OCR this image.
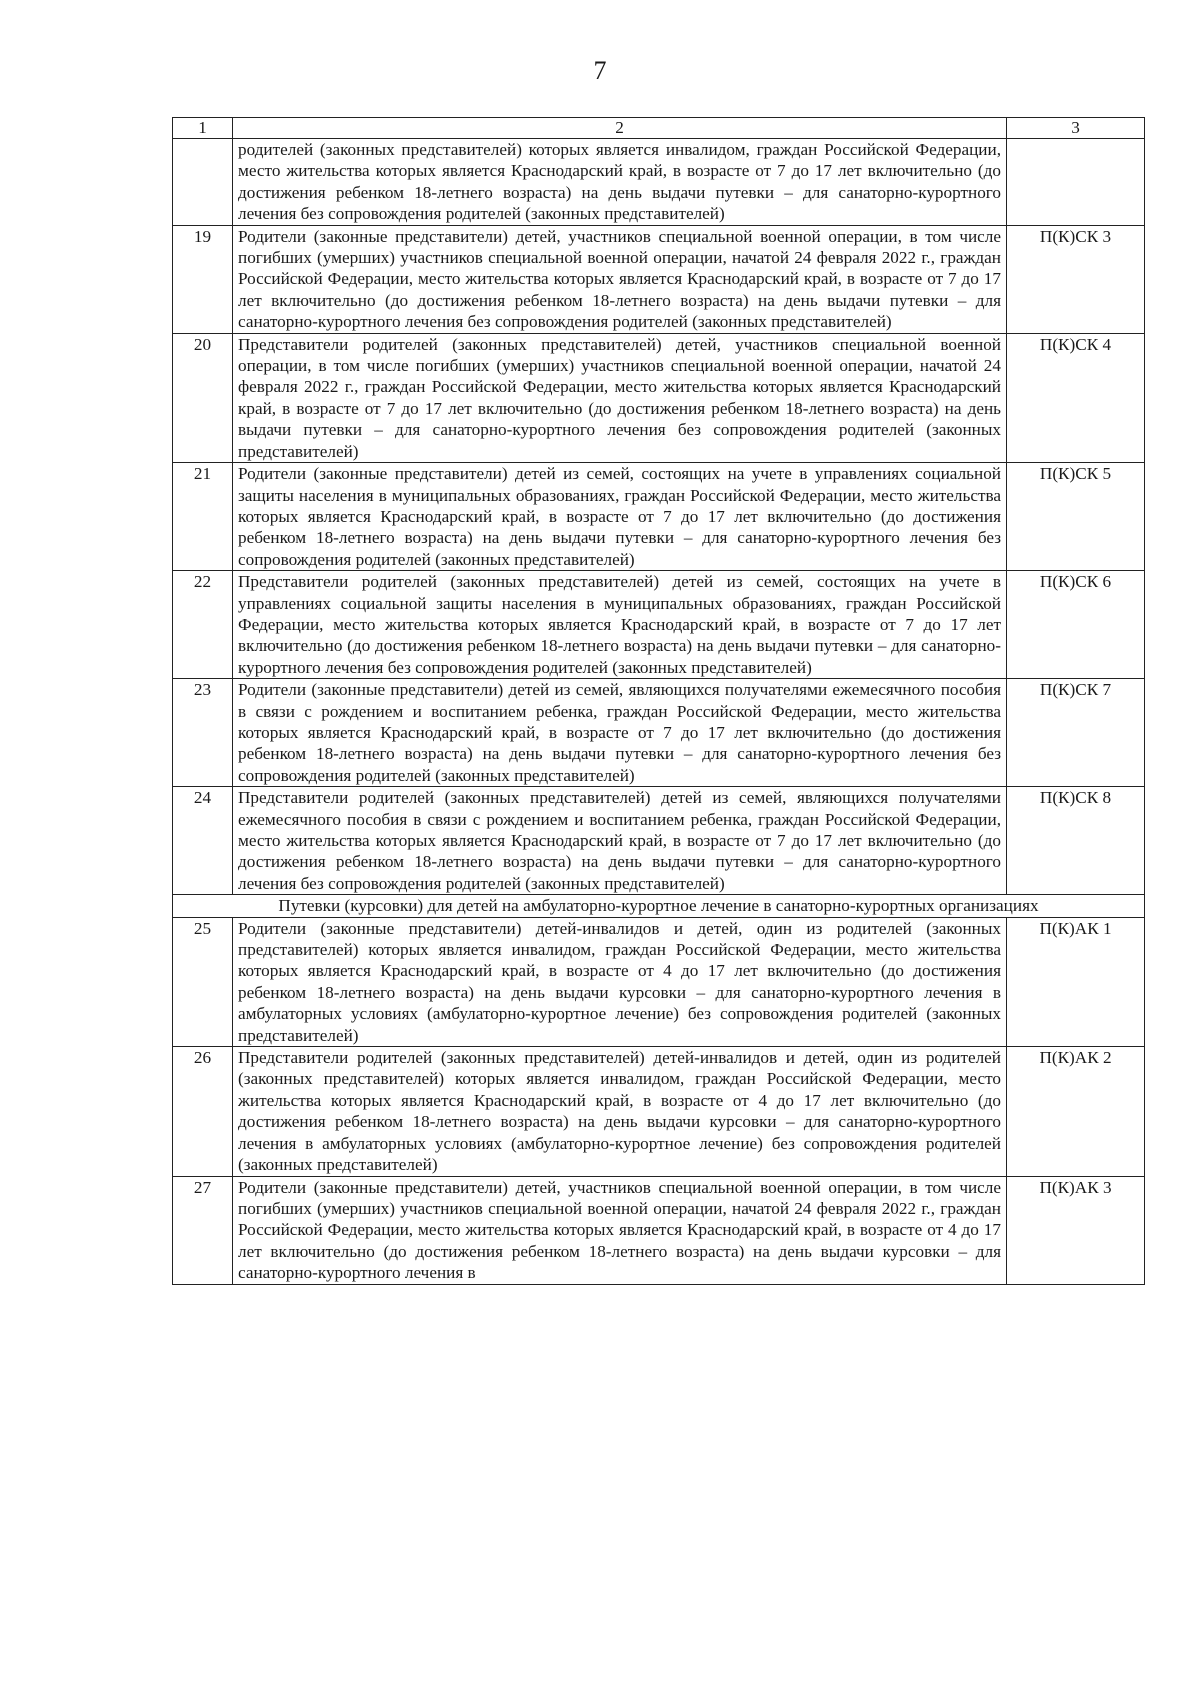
7
1	2	3
	родителей (законных представителей) которых является инвалидом, граждан Российской Федерации, место жительства которых является Краснодарский край, в возрасте от 7 до 17 лет включительно (до достижения ребенком 18-летнего возраста) на день выдачи путевки – для санаторно-курортного лечения без сопровождения родителей (законных представителей)	
19	Родители (законные представители) детей, участников специальной военной операции, в том числе погибших (умерших) участников специальной военной операции, начатой 24 февраля 2022 г., граждан Российской Федерации, место жительства которых является Краснодарский край, в возрасте от 7 до 17 лет включительно (до достижения ребенком 18-летнего возраста) на день выдачи путевки – для санаторно-курортного лечения без сопровождения родителей (законных представителей)	П(К)СК 3
20	Представители родителей (законных представителей) детей, участников специальной военной операции, в том числе погибших (умерших) участников специальной военной операции, начатой 24 февраля 2022 г., граждан Российской Федерации, место жительства которых является Краснодарский край, в возрасте от 7 до 17 лет включительно (до достижения ребенком 18-летнего возраста) на день выдачи путевки – для санаторно-курортного лечения без сопровождения родителей (законных представителей)	П(К)СК 4
21	Родители (законные представители) детей из семей, состоящих на учете в управлениях социальной защиты населения в муниципальных образованиях, граждан Российской Федерации, место жительства которых является Краснодарский край, в возрасте от 7 до 17 лет включительно (до достижения ребенком 18-летнего возраста) на день выдачи путевки – для санаторно-курортного лечения без сопровождения родителей (законных представителей)	П(К)СК 5
22	Представители родителей (законных представителей) детей из семей, состоящих на учете в управлениях социальной защиты населения в муниципальных образованиях, граждан Российской Федерации, место жительства которых является Краснодарский край, в возрасте от 7 до 17 лет включительно (до достижения ребенком 18-летнего возраста) на день выдачи путевки – для санаторно-курортного лечения без сопровождения родителей (законных представителей)	П(К)СК 6
23	Родители (законные представители) детей из семей, являющихся получателями ежемесячного пособия в связи с рождением и воспитанием ребенка, граждан Российской Федерации, место жительства которых является Краснодарский край, в возрасте от 7 до 17 лет включительно (до достижения ребенком 18-летнего возраста) на день выдачи путевки – для санаторно-курортного лечения без сопровождения родителей (законных представителей)	П(К)СК 7
24	Представители родителей (законных представителей) детей из семей, являющихся получателями ежемесячного пособия в связи с рождением и воспитанием ребенка, граждан Российской Федерации, место жительства которых является Краснодарский край, в возрасте от 7 до 17 лет включительно (до достижения ребенком 18-летнего возраста) на день выдачи путевки – для санаторно-курортного лечения без сопровождения родителей (законных представителей)	П(К)СК 8
Путевки (курсовки) для детей на амбулаторно-курортное лечение в санаторно-курортных организациях		
25	Родители (законные представители) детей-инвалидов и детей, один из родителей (законных представителей) которых является инвалидом, граждан Российской Федерации, место жительства которых является Краснодарский край, в возрасте от 4 до 17 лет включительно (до достижения ребенком 18-летнего возраста) на день выдачи курсовки – для санаторно-курортного лечения в амбулаторных условиях (амбулаторно-курортное лечение) без сопровождения родителей (законных представителей)	П(К)АК 1
26	Представители родителей (законных представителей) детей-инвалидов и детей, один из родителей (законных представителей) которых является инвалидом, граждан Российской Федерации, место жительства которых является Краснодарский край, в возрасте от 4 до 17 лет включительно (до достижения ребенком 18-летнего возраста) на день выдачи курсовки – для санаторно-курортного лечения в амбулаторных условиях (амбулаторно-курортное лечение) без сопровождения родителей (законных представителей)	П(К)АК 2
27	Родители (законные представители) детей, участников специальной военной операции, в том числе погибших (умерших) участников специальной военной операции, начатой 24 февраля 2022 г., граждан Российской Федерации, место жительства которых является Краснодарский край, в возрасте от 4 до 17 лет включительно (до достижения ребенком 18-летнего возраста) на день выдачи курсовки – для санаторно-курортного лечения в	П(К)АК 3
